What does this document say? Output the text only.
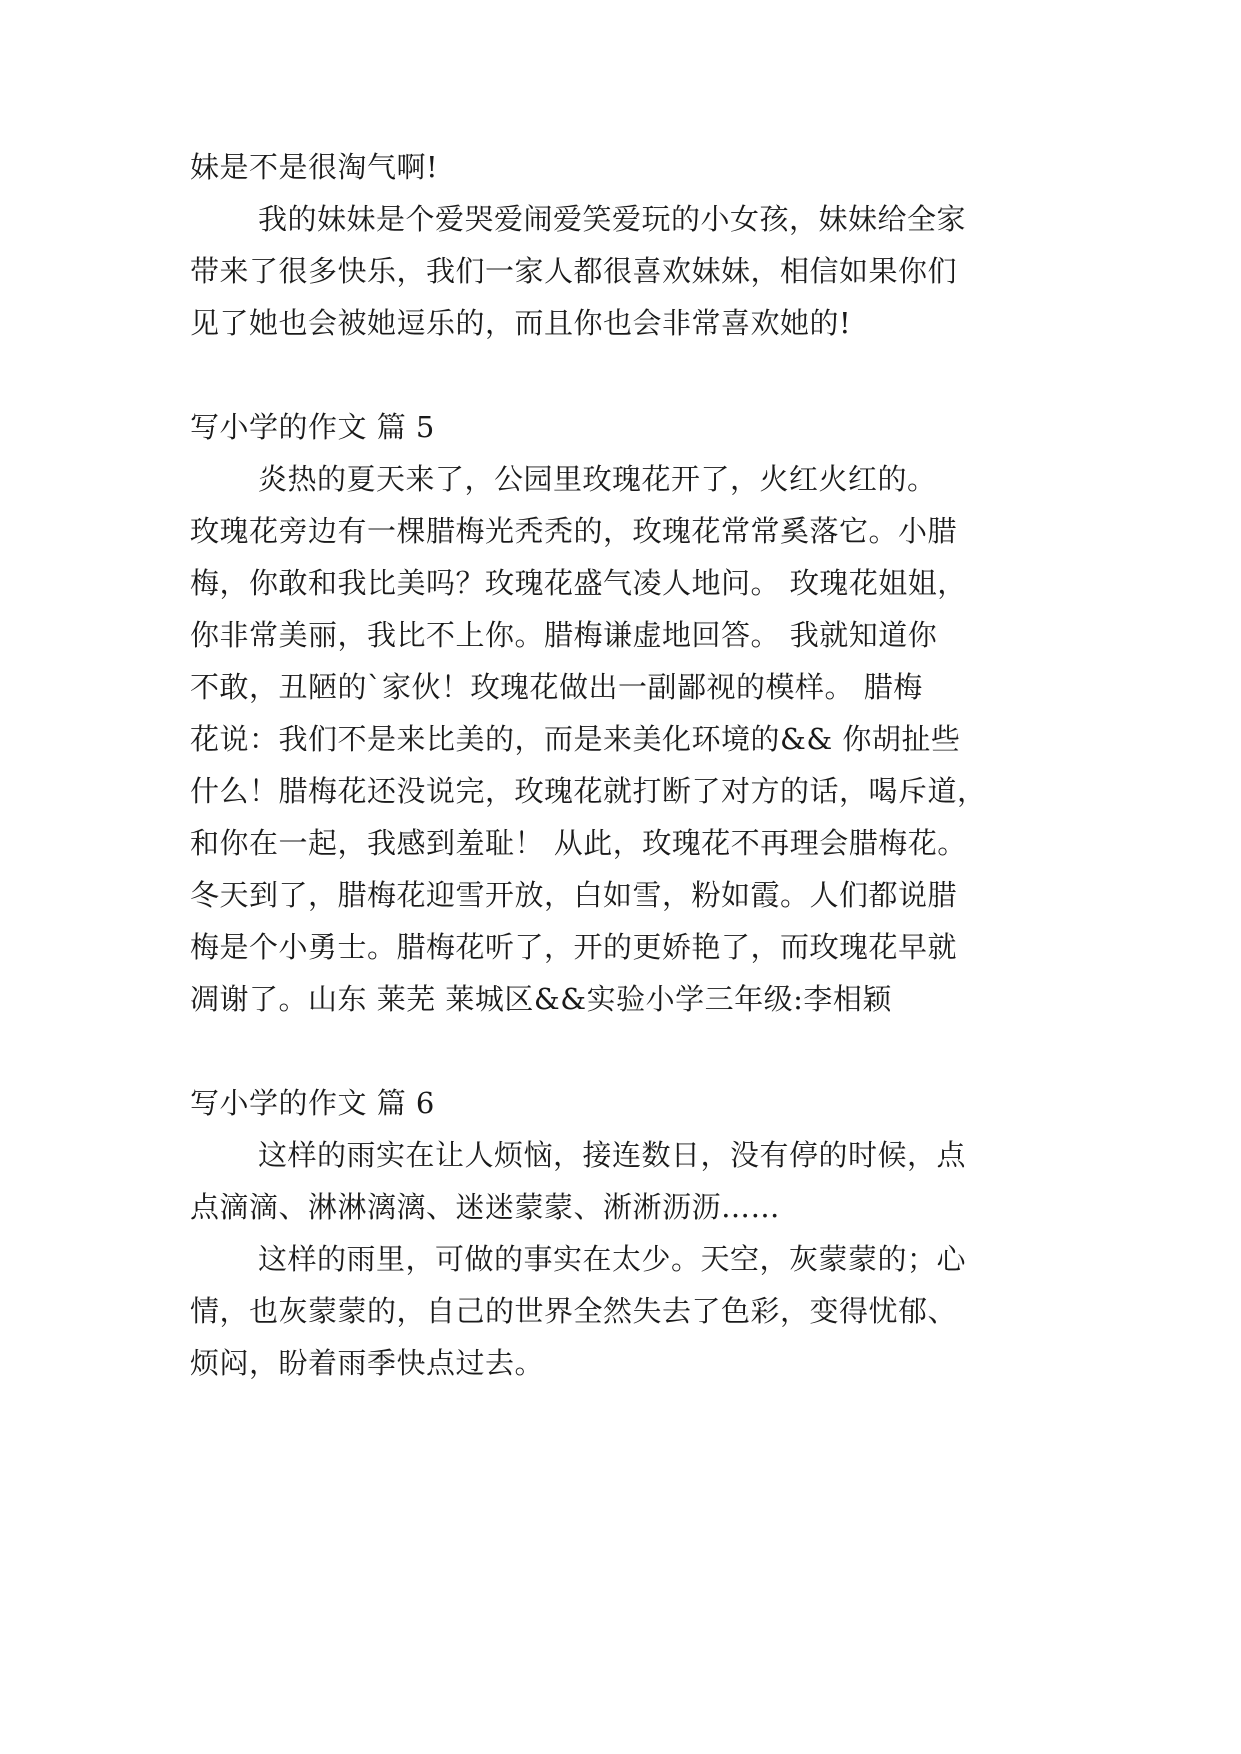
妹是不是很淘气啊!

我的妹妹是个爱哭爱闹爱笑爱玩的小女孩，妹妹给全家

带来了很多快乐，我们一家人都很喜欢妹妹，相信如果你们

见了她也会被她逗乐的，而且你也会非常喜欢她的!

写小学的作文 篇 5

炎热的夏天来了，公园里玫瑰花开了，火红火红的。

玫瑰花旁边有一棵腊梅光秃秃的，玫瑰花常常奚落它。小腊

梅，你敢和我比美吗？玫瑰花盛气凌人地问。 玫瑰花姐姐，

你非常美丽，我比不上你。腊梅谦虚地回答。 我就知道你

不敢，丑陋的`家伙！玫瑰花做出一副鄙视的模样。 腊梅

花说：我们不是来比美的，而是来美化环境的&& 你胡扯些

什么！腊梅花还没说完，玫瑰花就打断了对方的话，喝斥道，

和你在一起，我感到羞耻！ 从此，玫瑰花不再理会腊梅花。

冬天到了，腊梅花迎雪开放，白如雪，粉如霞。人们都说腊

梅是个小勇士。腊梅花听了，开的更娇艳了，而玫瑰花早就

凋谢了。山东 莱芜 莱城区&&实验小学三年级:李相颖

写小学的作文 篇 6

这样的雨实在让人烦恼，接连数日，没有停的时候，点

点滴滴、淋淋漓漓、迷迷蒙蒙、淅淅沥沥……

这样的雨里，可做的事实在太少。天空，灰蒙蒙的；心

情，也灰蒙蒙的，自己的世界全然失去了色彩，变得忧郁、

烦闷，盼着雨季快点过去。
